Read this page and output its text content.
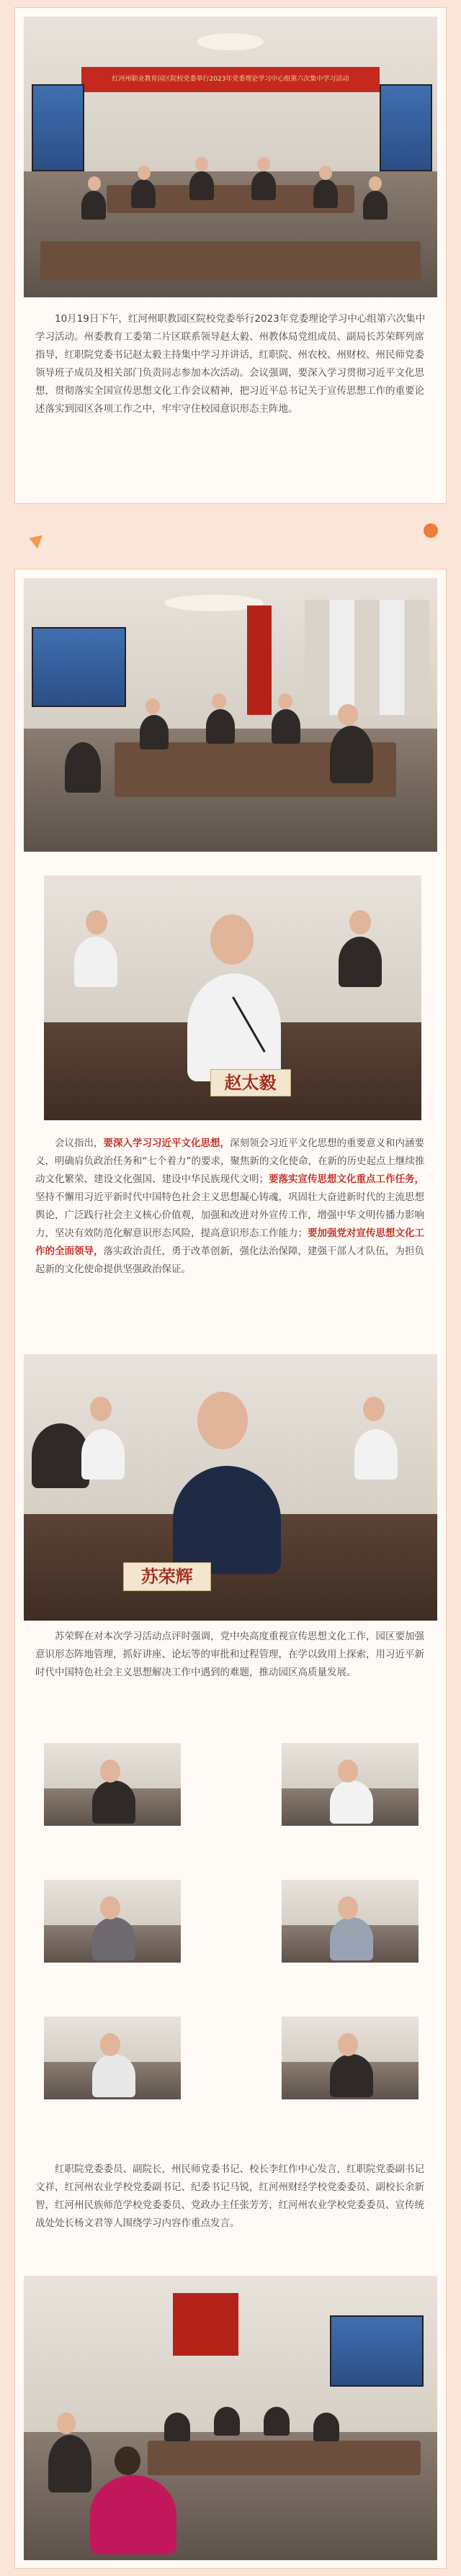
红河州职业教育园区院校党委举行2023年党委理论学习中心组第六次集中学习活动

10月19日下午，红河州职教园区院校党委举行2023年党委理论学习中心组第六次集中学习活动。州委教育工委第二片区联系领导赵太毅、州教体局党组成员、副局长苏荣辉列席指导，红职院党委书记赵太毅主持集中学习并讲话，红职院、州农校、州财校、州民师党委领导班子成员及相关部门负责同志参加本次活动。会议强调，要深入学习贯彻习近平文化思想，贯彻落实全国宣传思想文化工作会议精神，把习近平总书记关于宣传思想工作的重要论述落实到园区各项工作之中，牢牢守住校园意识形态主阵地。

赵太毅

会议指出，要深入学习习近平文化思想，深刻领会习近平文化思想的重要意义和内涵要义，明确肩负政治任务和“七个着力”的要求，聚焦新的文化使命，在新的历史起点上继续推动文化繁荣、建设文化强国、建设中华民族现代文明；要落实宣传思想文化重点工作任务，坚持不懈用习近平新时代中国特色社会主义思想凝心铸魂，巩固壮大奋进新时代的主流思想舆论，广泛践行社会主义核心价值观，加强和改进对外宣传工作，增强中华文明传播力影响力，坚决有效防范化解意识形态风险，提高意识形态工作能力；要加强党对宣传思想文化工作的全面领导，落实政治责任，勇于改革创新，强化法治保障，建强干部人才队伍，为担负起新的文化使命提供坚强政治保证。

苏荣辉

苏荣辉在对本次学习活动点评时强调，党中央高度重视宣传思想文化工作，园区要加强意识形态阵地管理，抓好讲座、论坛等的审批和过程管理，在学以致用上探索，用习近平新时代中国特色社会主义思想解决工作中遇到的难题，推动园区高质量发展。

红职院党委委员、副院长，州民师党委书记、校长李红作中心发言，红职院党委副书记文祥，红河州农业学校党委副书记、纪委书记马锐，红河州财经学校党委委员、副校长余新智，红河州民族师范学校党委委员、党政办主任张芳芳，红河州农业学校党委委员、宣传统战处处长杨文君等人围绕学习内容作重点发言。
